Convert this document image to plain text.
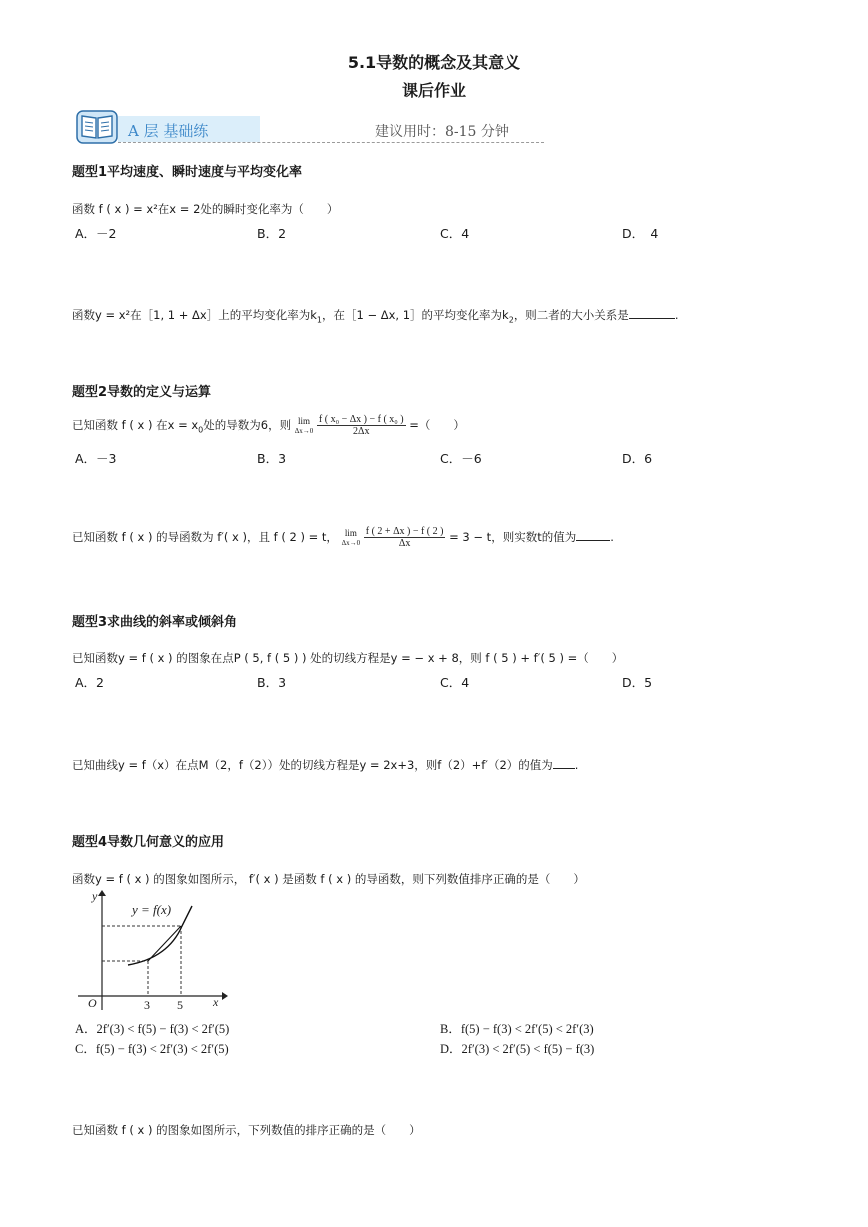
5.1导数的概念及其意义
课后作业
A 层 基础练	建议用时：8-15 分钟
题型1平均速度、瞬时速度与平均变化率
函数 f ( x ) = x²在x = 2处的瞬时变化率为（　　）
A．－2	B．2	C．4	D．　4
函数y = x²在［1, 1 + Δx］上的平均变化率为$k_1$，在［1 − Δx, 1］的平均变化率为$k_2$，则二者的大小关系是	.
题型2导数的定义与运算
已知函数 f ( x ) 在$x = x_0$处的导数为6，则 lim
Δx→0
$\frac{\text{f ( x₀ − Δx ) − f ( x₀ )}}{2\Delta x}$ =（　　）
A．－3	B．3	C．－6	D．6
已知函数 f ( x ) 的导函数为 f′( x )，且 f ( 2 ) = t， lim
Δx→0
$\frac{f ( 2 + \Delta x ) - f ( 2 )}{\Delta x} = 3 - t$，则实数t的值为	.
题型3求曲线的斜率或倾斜角
已知函数y = f ( x ) 的图象在点P ( 5, f ( 5 ) ) 处的切线方程是y = − x + 8，则 f ( 5 ) + f′( 5 ) =（　　）
A．2	B．3	C．4	D．5
已知曲线y = f（x）在点M（2，f（2））处的切线方程是y = 2x+3，则f（2）+f′（2）的值为 .
题型4导数几何意义的应用
函数y = f ( x ) 的图象如图所示， f′( x ) 是函数 f ( x ) 的导函数，则下列数值排序正确的是（　　）
y = f(x)
y
x
O	3 5
A．2f′(3) < f(5) − f(3) < 2f′(5)	B．f(5) − f(3) < 2f′(5) < 2f′(3)
C．f(5) − f(3) < 2f′(3) < 2f′(5)	D．2f′(3) < 2f′(5) < f(5) − f(3)
已知函数 f ( x ) 的图象如图所示，下列数值的排序正确的是（　　）
